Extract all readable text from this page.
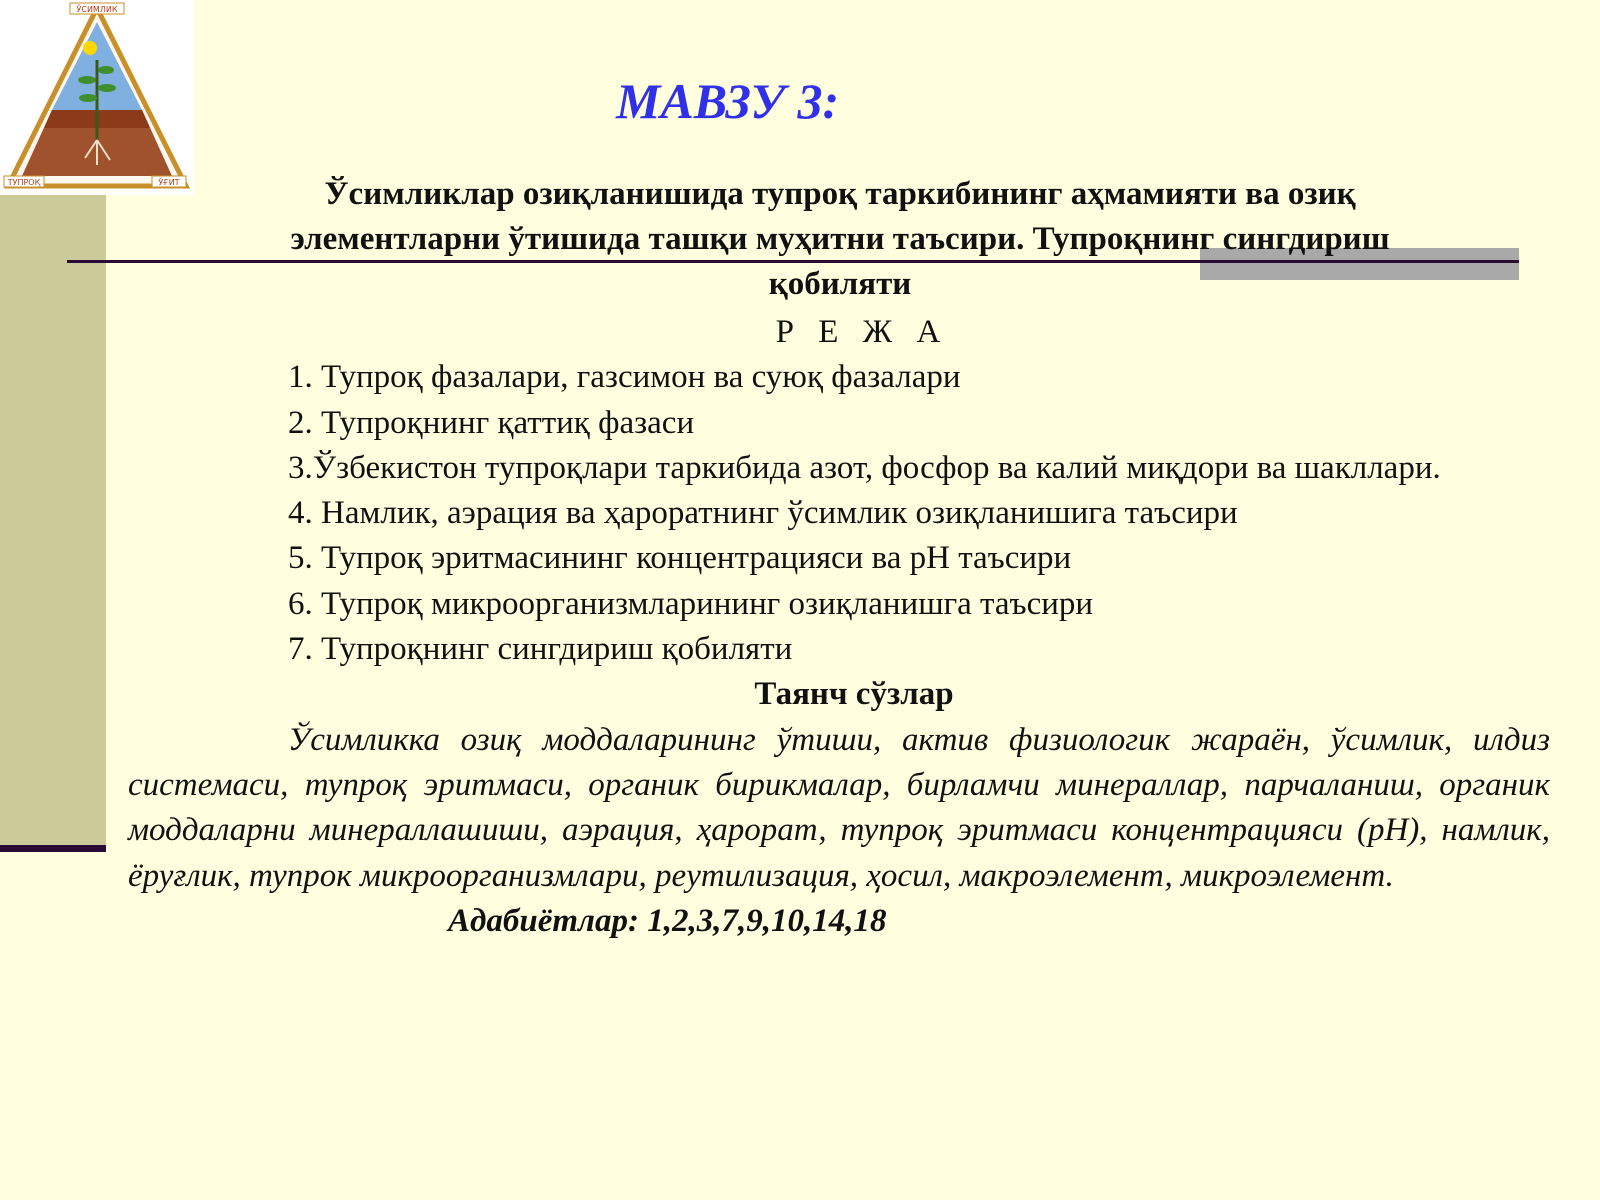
ЎСИМЛИК
ТУПРОҚ	ЎҒИТ
МАВЗУ 3:
Ўсимликлар озиқланишида тупроқ таркибининг аҳмамияти ва озиқ
элементларни ўтишида ташқи муҳитни таъсири. Тупроқнинг сингдириш
қобиляти
Р Е Ж А
1. Тупроқ фазалари, газсимон ва суюқ фазалари
2. Тупроқнинг қаттиқ фазаси
3.Ўзбекистон тупроқлари таркибида азот, фосфор ва калий миқдори ва шакллари.
4. Намлик, аэрация ва ҳароратнинг ўсимлик озиқланишига таъсири
5. Тупроқ эритмасининг концентрацияси ва рН таъсири
6. Тупроқ микроорганизмларининг озиқланишга таъсири
7. Тупроқнинг сингдириш қобиляти
Таянч сўзлар
Ўсимликка озиқ моддаларининг ўтиши, актив физиологик жараён, ўсимлик, илдиз системаси, тупроқ эритмаси, органик бирикмалар, бирламчи минераллар, парчаланиш, органик моддаларни минераллашиши, аэрация, ҳарорат, тупроқ эритмаси концентрацияси (рН), намлик, ёруғлик, тупрок микроорганизмлари, реутилизация, ҳосил, макроэлемент, микроэлемент.
Адабиётлар: 1,2,3,7,9,10,14,18
